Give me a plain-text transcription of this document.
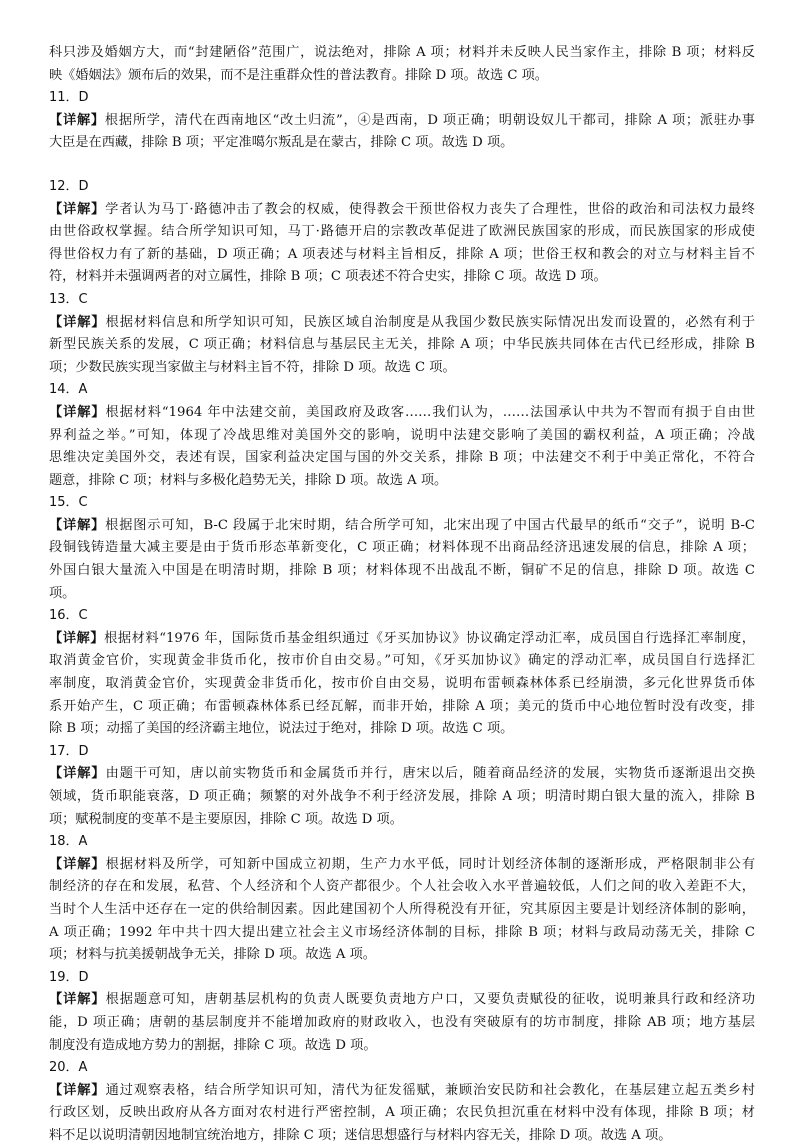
科只涉及婚姻方大，而“封建陋俗”范围广，说法绝对，排除 A 项；材料并未反映人民当家作主，排除 B 项；材料反
映《婚姻法》颁布后的效果，而不是注重群众性的普法教育。排除 D 项。故选 C 项。
11．D
【详解】根据所学，清代在西南地区“改土归流”，④是西南，D 项正确；明朝设奴儿干都司，排除 A 项；派驻办事
大臣是在西藏，排除 B 项；平定准噶尔叛乱是在蒙古，排除 C 项。故选 D 项。
12．D
【详解】学者认为马丁·路德冲击了教会的权威，使得教会干预世俗权力丧失了合理性，世俗的政治和司法权力最终
由世俗政权掌握。结合所学知识可知，马丁·路德开启的宗教改革促进了欧洲民族国家的形成，而民族国家的形成使
得世俗权力有了新的基础，D 项正确；A 项表述与材料主旨相反，排除 A 项；世俗王权和教会的对立与材料主旨不
符，材料并未强调两者的对立属性，排除 B 项；C 项表述不符合史实，排除 C 项。故选 D 项。
13．C
【详解】根据材料信息和所学知识可知，民族区域自治制度是从我国少数民族实际情况出发而设置的，必然有利于
新型民族关系的发展，C 项正确；材料信息与基层民主无关，排除 A 项；中华民族共同体在古代已经形成，排除 B
项；少数民族实现当家做主与材料主旨不符，排除 D 项。故选 C 项。
14．A
【详解】根据材料“1964 年中法建交前，美国政府及政客……我们认为，……法国承认中共为不智而有损于自由世
界利益之举。”可知，体现了冷战思维对美国外交的影响，说明中法建交影响了美国的霸权利益，A 项正确；冷战
思维决定美国外交，表述有误，国家利益决定国与国的外交关系，排除 B 项；中法建交不利于中美正常化，不符合
题意，排除 C 项；材料与多极化趋势无关，排除 D 项。故选 A 项。
15．C
【详解】根据图示可知，B-C 段属于北宋时期，结合所学可知，北宋出现了中国古代最早的纸币“交子”，说明 B-C
段铜钱铸造量大减主要是由于货币形态革新变化，C 项正确；材料体现不出商品经济迅速发展的信息，排除 A 项；
外国白银大量流入中国是在明清时期，排除 B 项；材料体现不出战乱不断，铜矿不足的信息，排除 D 项。故选 C
项。
16．C
【详解】根据材料“1976 年，国际货币基金组织通过《牙买加协议》协议确定浮动汇率，成员国自行选择汇率制度，
取消黄金官价，实现黄金非货币化，按市价自由交易。”可知，《牙买加协议》确定的浮动汇率，成员国自行选择汇
率制度，取消黄金官价，实现黄金非货币化，按市价自由交易，说明布雷顿森林体系已经崩溃，多元化世界货币体
系开始产生，C 项正确；布雷顿森林体系已经瓦解，而非开始，排除 A 项；美元的货币中心地位暂时没有改变，排
除 B 项；动摇了美国的经济霸主地位，说法过于绝对，排除 D 项。故选 C 项。
17．D
【详解】由题干可知，唐以前实物货币和金属货币并行，唐宋以后，随着商品经济的发展，实物货币逐渐退出交换
领域，货币职能衰落，D 项正确；频繁的对外战争不利于经济发展，排除 A 项；明清时期白银大量的流入，排除 B
项；赋税制度的变革不是主要原因，排除 C 项。故选 D 项。
18．A
【详解】根据材料及所学，可知新中国成立初期，生产力水平低，同时计划经济体制的逐渐形成，严格限制非公有
制经济的存在和发展，私营、个人经济和个人资产都很少。个人社会收入水平普遍较低，人们之间的收入差距不大，
当时个人生活中还存在一定的供给制因素。因此建国初个人所得税没有开征，究其原因主要是计划经济体制的影响，
A 项正确；1992 年中共十四大提出建立社会主义市场经济体制的目标，排除 B 项；材料与政局动荡无关，排除 C
项；材料与抗美援朝战争无关，排除 D 项。故选 A 项。
19．D
【详解】根据题意可知，唐朝基层机构的负责人既要负责地方户口，又要负责赋役的征收，说明兼具行政和经济功
能，D 项正确；唐朝的基层制度并不能增加政府的财政收入，也没有突破原有的坊市制度，排除 AB 项；地方基层
制度没有造成地方势力的割据，排除 C 项。故选 D 项。
20．A
【详解】通过观察表格，结合所学知识可知，清代为征发徭赋，兼顾治安民防和社会教化，在基层建立起五类乡村
行政区划，反映出政府从各方面对农村进行严密控制，A 项正确；农民负担沉重在材料中没有体现，排除 B 项；材
料不足以说明清朝因地制宜统治地方，排除 C 项；迷信思想盛行与材料内容无关，排除 D 项。故选 A 项。
